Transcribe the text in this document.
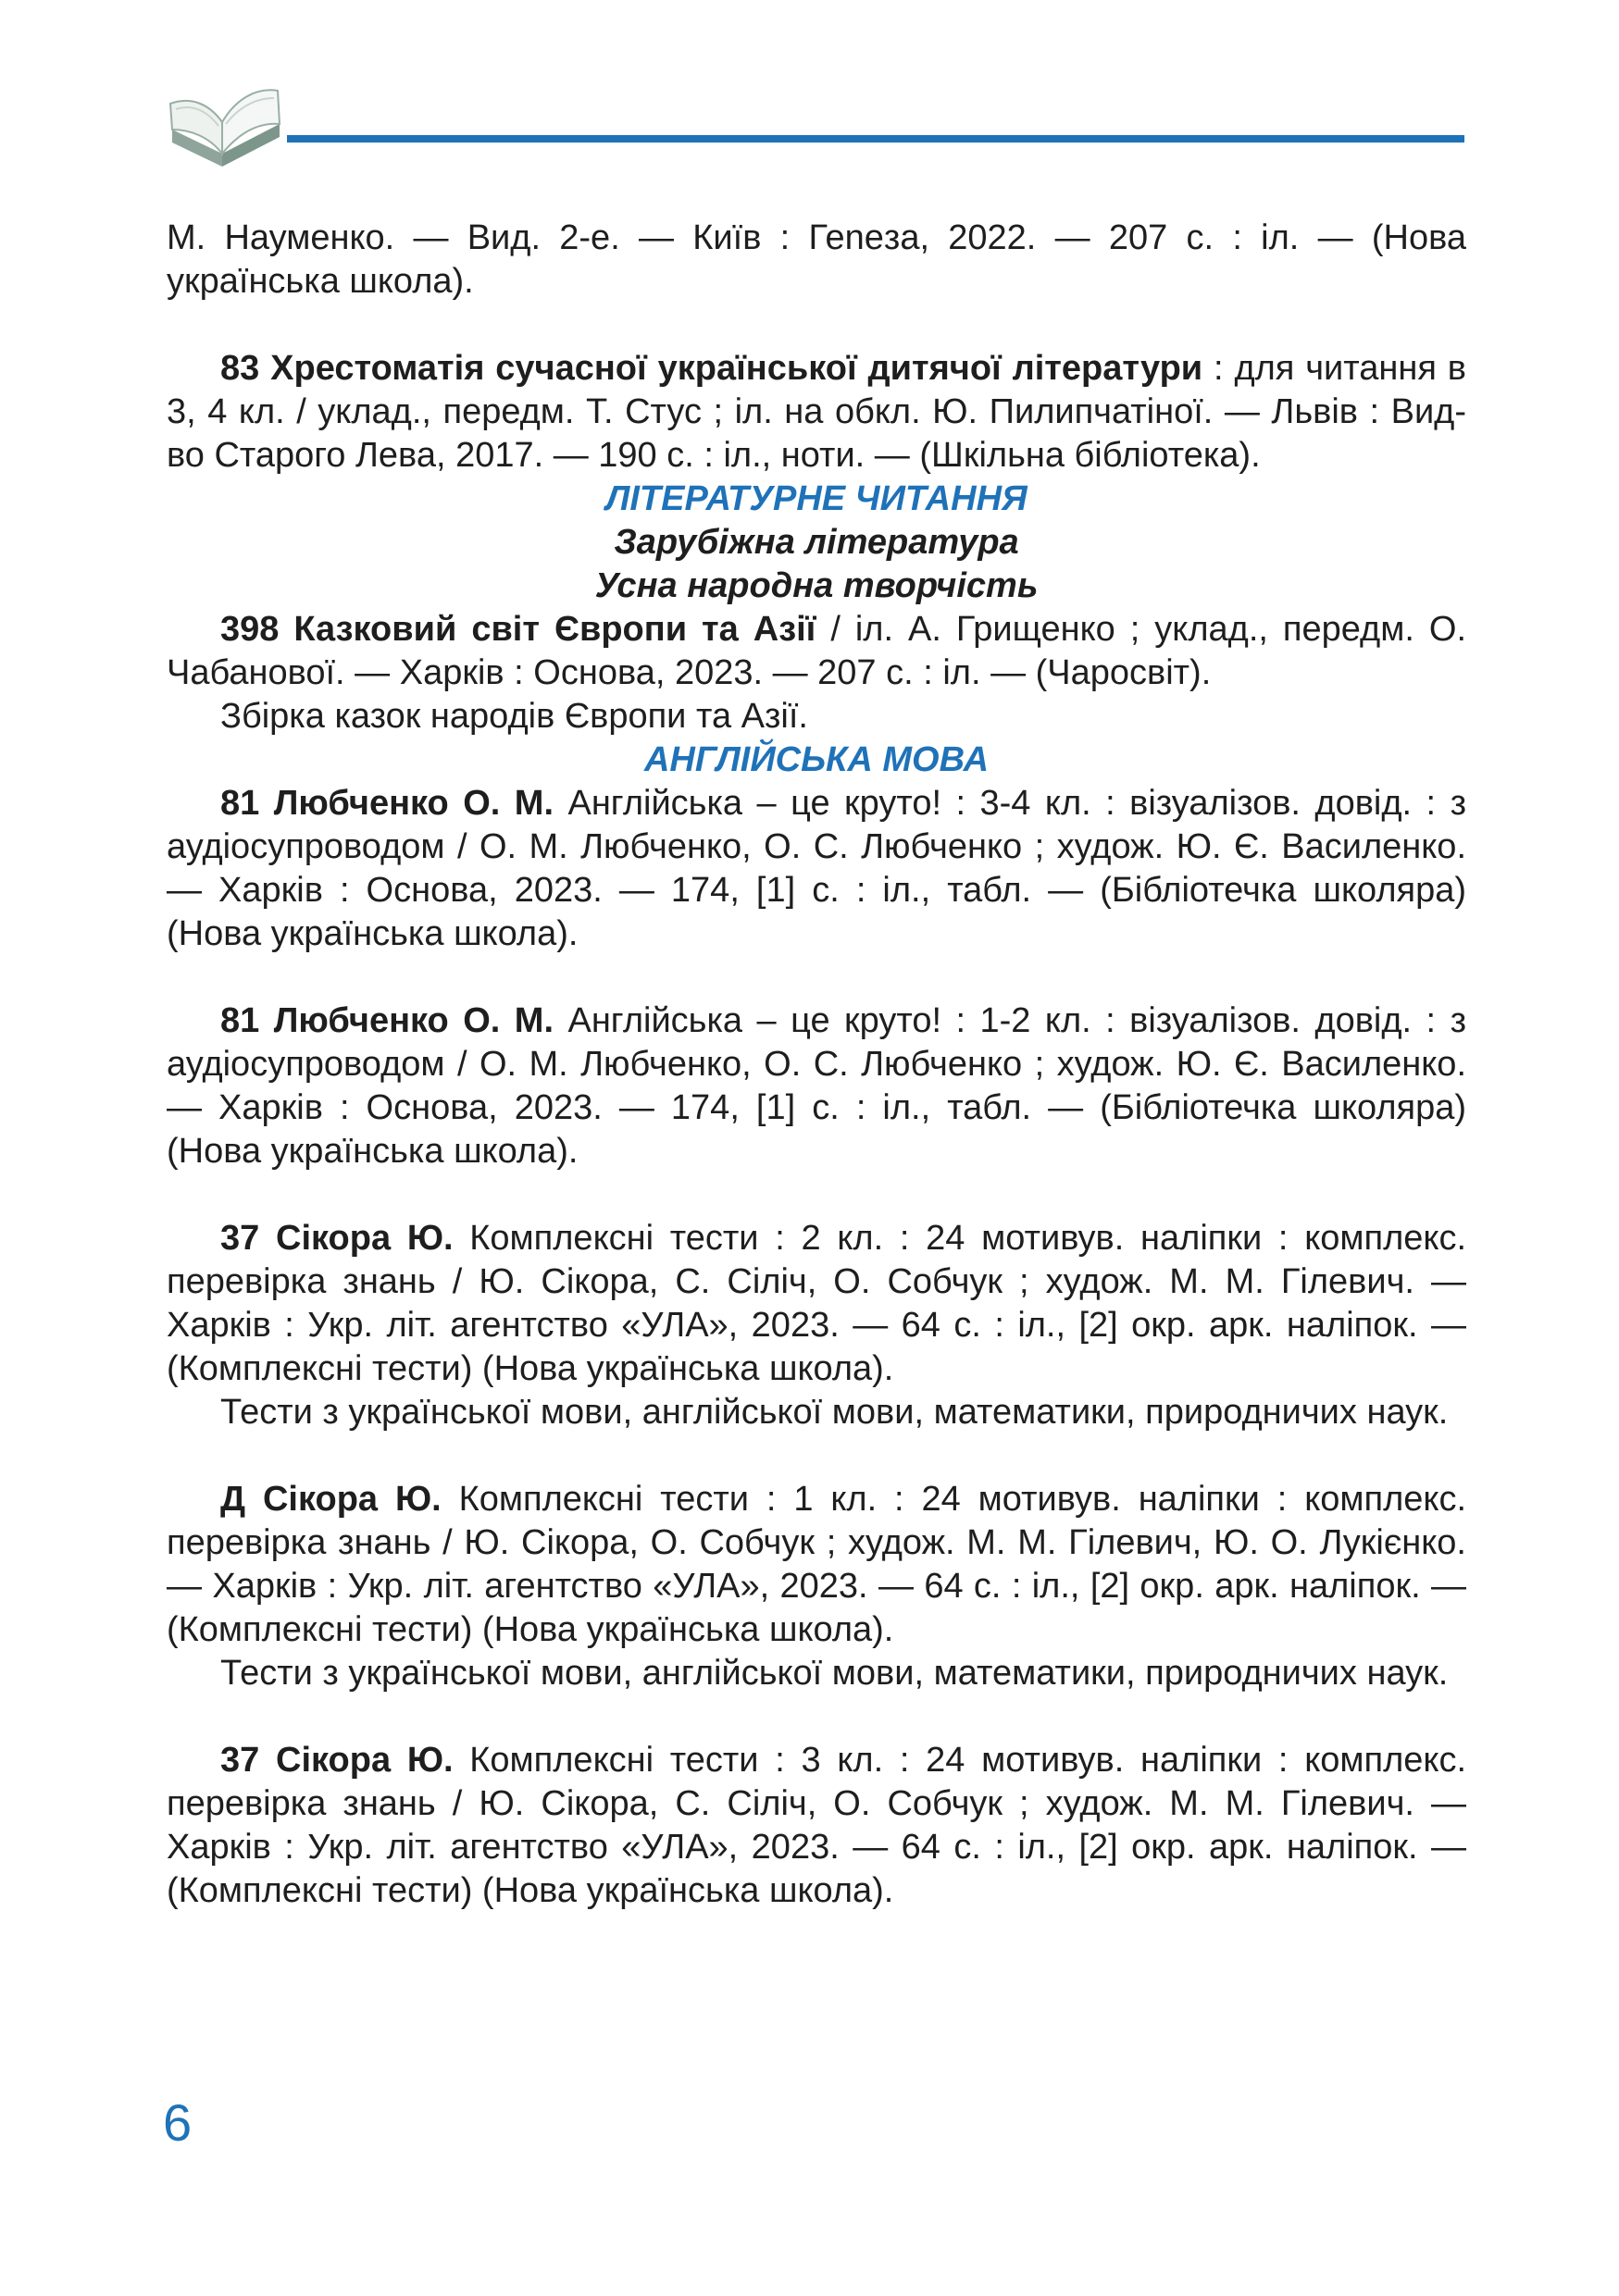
М. Науменко. — Вид. 2-е. — Київ : Геneза, 2022. — 207 с. : іл. — (Нова українська школа).

83 Хрестоматія сучасної української дитячої літератури : для читання в 3, 4 кл. / уклад., передм. Т. Стус ; іл. на обкл. Ю. Пилипчатіної. — Львів : Вид-во Старого Лева, 2017. — 190 с. : іл., ноти. — (Шкільна бібліотека).

ЛІТЕРАТУРНЕ ЧИТАННЯ

Зарубіжна література

Усна народна творчість

398 Казковий світ Європи та Азії / іл. А. Грищенко ; уклад., передм. О. Чабанової. — Харків : Основа, 2023. — 207 с. : іл. — (Чаросвіт).

Збірка казок народів Європи та Азії.

АНГЛІЙСЬКА МОВА

81 Любченко О. М. Англійська – це круто! : 3-4 кл. : візуалізов. довід. : з аудіосупроводом / О. М. Любченко, О. С. Любченко ; худож. Ю. Є. Василенко. — Харків : Основа, 2023. — 174, [1] с. : іл., табл. — (Бібліотечка школяра) (Нова українська школа).

81 Любченко О. М. Англійська – це круто! : 1-2 кл. : візуалізов. довід. : з аудіосупроводом / О. М. Любченко, О. С. Любченко ; худож. Ю. Є. Василенко. — Харків : Основа, 2023. — 174, [1] с. : іл., табл. — (Бібліотечка школяра) (Нова українська школа).

37 Сікора Ю. Комплексні тести : 2 кл. : 24 мотивув. наліпки : комплекс. перевірка знань / Ю. Сікора, С. Сіліч, О. Собчук ; худож. М. М. Гілевич. — Харків : Укр. літ. агентство «УЛА», 2023. — 64 с. : іл., [2] окр. арк. наліпок. — (Комплексні тести) (Нова українська школа).

Тести з української мови, англійської мови, математики, природничих наук.

Д Сікора Ю. Комплексні тести : 1 кл. : 24 мотивув. наліпки : комплекс. перевірка знань / Ю. Сікора, О. Собчук ; худож. М. М. Гілевич, Ю. О. Лукієнко. — Харків : Укр. літ. агентство «УЛА», 2023. — 64 с. : іл., [2] окр. арк. наліпок. — (Комплексні тести) (Нова українська школа).

Тести з української мови, англійської мови, математики, природничих наук.

37 Сікора Ю. Комплексні тести : 3 кл. : 24 мотивув. наліпки : комплекс. перевірка знань / Ю. Сікора, С. Сіліч, О. Собчук ; худож. М. М. Гілевич. — Харків : Укр. літ. агентство «УЛА», 2023. — 64 с. : іл., [2] окр. арк. наліпок. — (Комплексні тести) (Нова українська школа).

6
